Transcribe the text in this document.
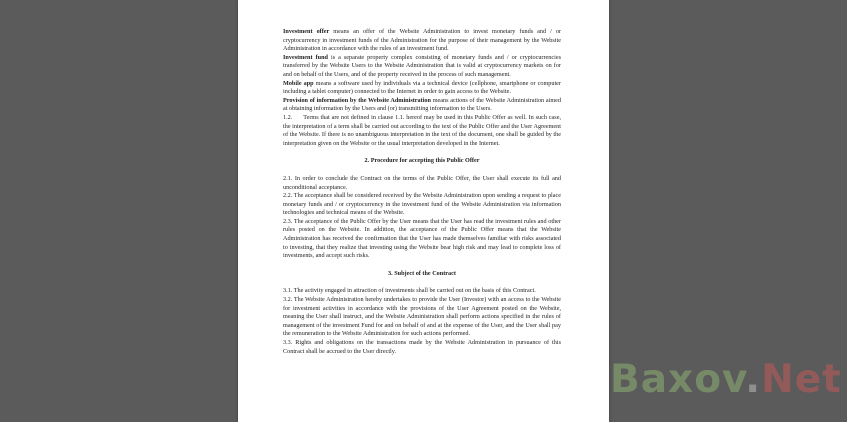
Investment offer means an offer of the Website Administration to invest monetary funds and / or cryptocurrency in investment funds of the Administration for the purpose of their management by the Website Administration in accordance with the rules of an investment fund.

Investment fund is a separate property complex consisting of monetary funds and / or cryptocurrencies transferred by the Website Users to the Website Administration that is valid at cryptocurrency markets on for and on behalf of the Users, and of the property received in the process of such management.

Mobile app means a software used by individuals via a technical device (cellphone, smartphone or computer including a tablet computer) connected to the Internet in order to gain access to the Website.

Provision of information by the Website Administration means actions of the Website Administration aimed at obtaining information by the Users and (or) transmitting information to the Users.

1.2.      Terms that are not defined in clause 1.1. hereof may be used in this Public Offer as well. In such case, the interpretation of a term shall be carried out according to the text of the Public Offer and the User Agreement of the Website. If there is no unambiguous interpretation in the text of the document, one shall be guided by the interpretation given on the Website or the usual interpretation developed in the Internet.

2. Procedure for accepting this Public Offer

2.1. In order to conclude the Contract on the terms of the Public Offer, the User shall execute its full and unconditional acceptance.

2.2. The acceptance shall be considered received by the Website Administration upon sending a request to place monetary funds and / or cryptocurrency in the investment fund of the Website Administration via information technologies and technical means of the Website.

2.3. The acceptance of the Public Offer by the User means that the User has read the investment rules and other rules posted on the Website. In addition, the acceptance of the Public Offer means that the Website Administration has received the confirmation that the User has made themselves familiar with risks associated to investing, that they realize that investing using the Website bear high risk and may lead to complete loss of investments, and accept such risks.

3. Subject of the Contract

3.1. The activity engaged in attraction of investments shall be carried out on the basis of this Contract.

3.2. The Website Administration hereby undertakes to provide the User (Investor) with an access to the Website for investment activities in accordance with the provisions of the User Agreement posted on the Website, meaning the User shall instruct, and the Website Administration shall perform actions specified in the rules of management of the investment Fund for and on behalf of and at the expense of the User, and the User shall pay the remuneration to the Website Administration for such actions performed.

3.3. Rights and obligations on the transactions made by the Website Administration in pursuance of this Contract shall be accrued to the User directly.

Baxov.Net
